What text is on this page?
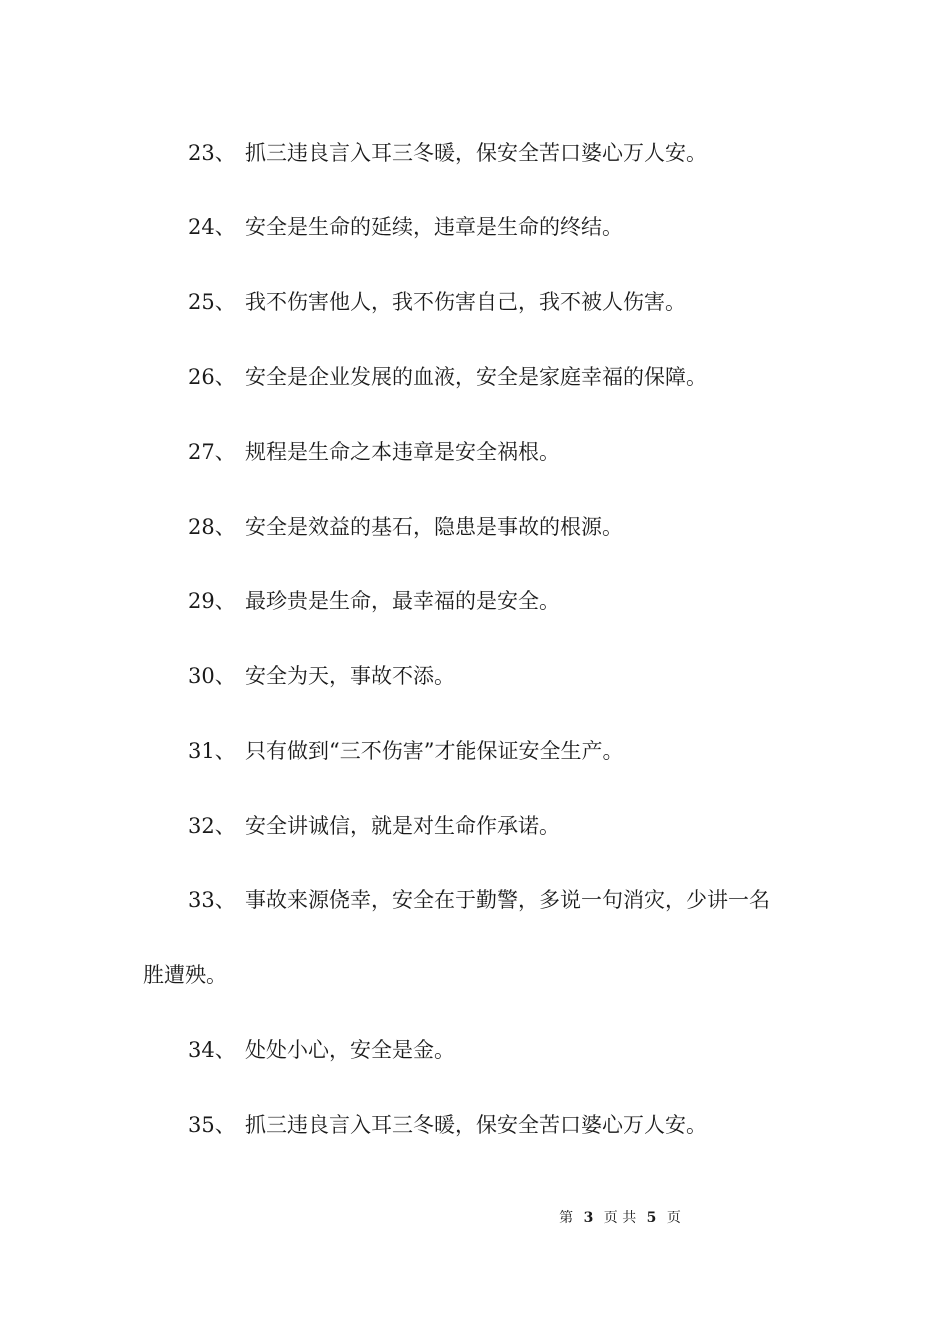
23、 抓三违良言入耳三冬暖，保安全苦口婆心万人安。
24、 安全是生命的延续，违章是生命的终结。
25、 我不伤害他人，我不伤害自己，我不被人伤害。
26、 安全是企业发展的血液，安全是家庭幸福的保障。
27、 规程是生命之本违章是安全祸根。
28、 安全是效益的基石，隐患是事故的根源。
29、 最珍贵是生命，最幸福的是安全。
30、 安全为天，事故不添。
31、 只有做到“三不伤害”才能保证安全生产。
32、 安全讲诚信，就是对生命作承诺。
33、 事故来源侥幸，安全在于勤警，多说一句消灾，少讲一名
胜遭殃。
34、 处处小心，安全是金。
35、 抓三违良言入耳三冬暖，保安全苦口婆心万人安。
第 3 页 共 5 页
